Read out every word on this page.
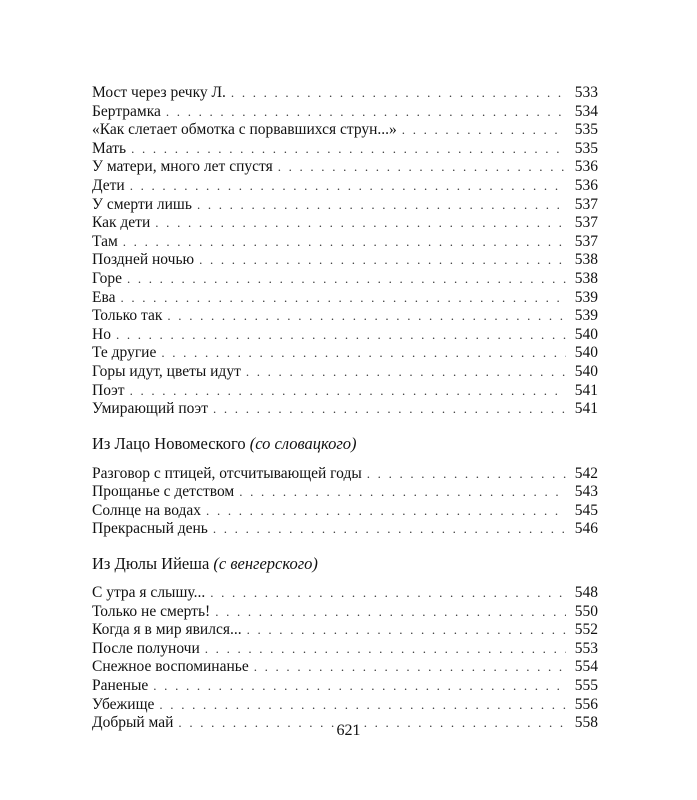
Мост через речку Л. . . .	533
Бертрамка . . .	534
«Как слетает обмотка с порвавшихся струн...» . . .	535
Мать . . .	535
У матери, много лет спустя . . .	536
Дети . . .	536
У смерти лишь . . .	537
Как дети . . .	537
Там . . .	537
Поздней ночью . . .	538
Горе . . .	538
Ева . . .	539
Только так . . .	539
Но . . .	540
Те другие . . .	540
Горы идут, цветы идут . . .	540
Поэт . . .	541
Умирающий поэт . . .	541
Из Лацо Новомеского (со словацкого)
Разговор с птицей, отсчитывающей годы . . .	542
Прощанье с детством . . .	543
Солнце на водах . . .	545
Прекрасный день . . .	546
Из Дюлы Ийеша (с венгерского)
С утра я слышу... . . .	548
Только не смерть! . . .	550
Когда я в мир явился... . . .	552
После полуночи . . .	553
Снежное воспоминанье . . .	554
Раненые . . .	555
Убежище . . .	556
Добрый май . . .	558
621
